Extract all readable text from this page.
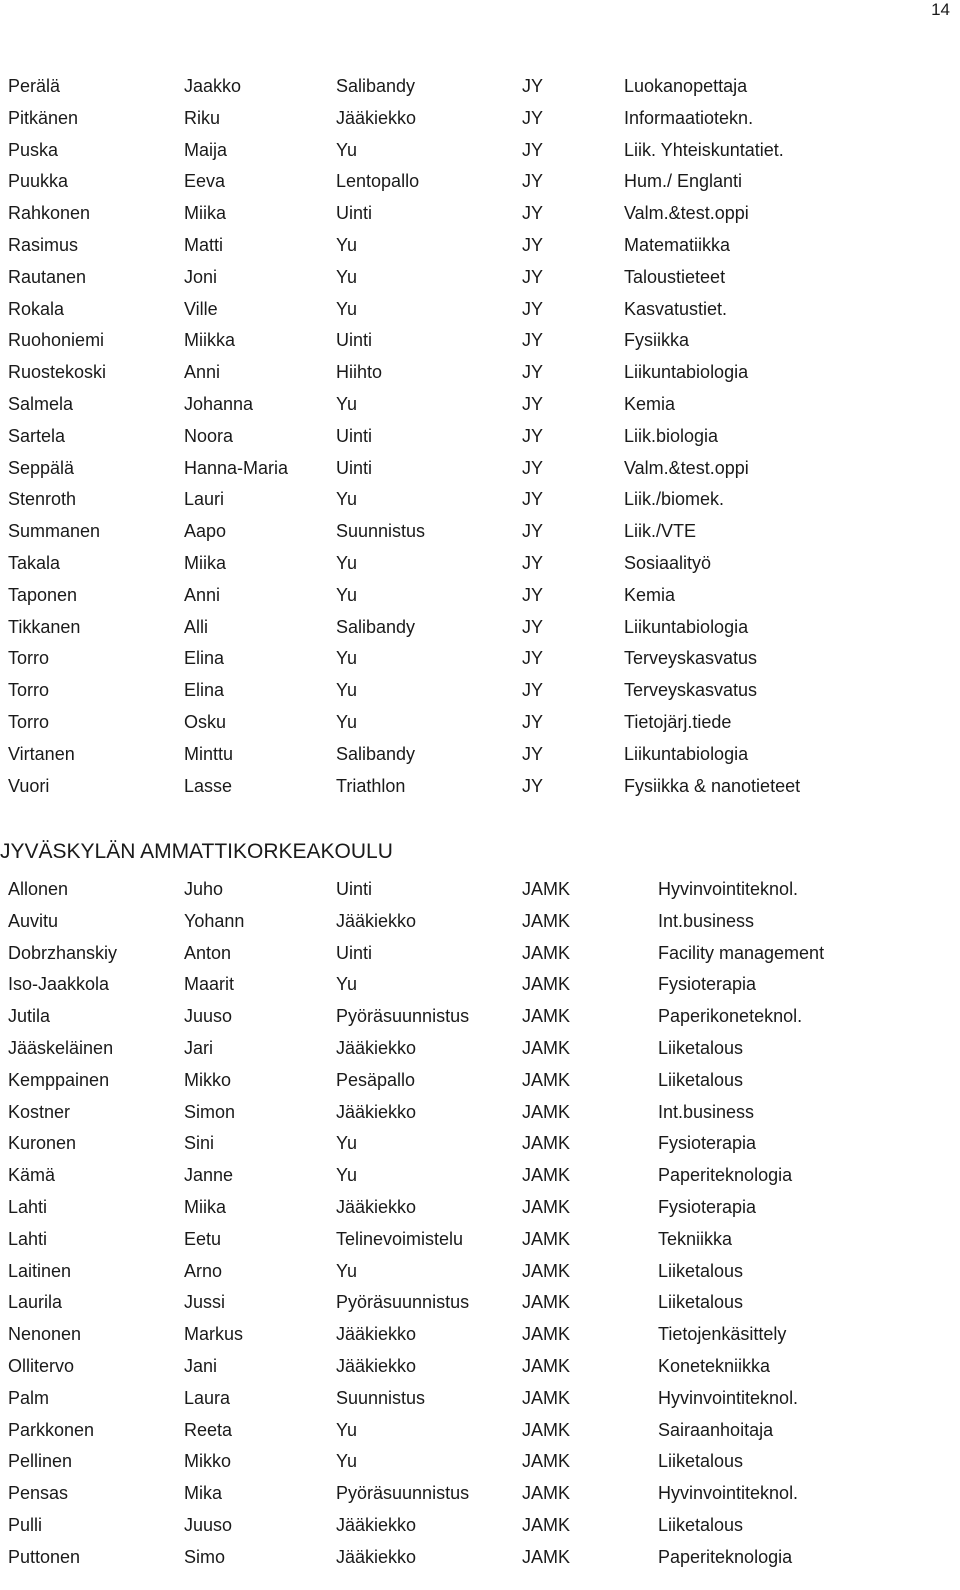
14
Perälä	Jaakko	Salibandy	JY	Luokanopettaja
Pitkänen	Riku	Jääkiekko	JY	Informaatiotekn.
Puska	Maija	Yu	JY	Liik. Yhteiskuntatiet.
Puukka	Eeva	Lentopallo	JY	Hum./ Englanti
Rahkonen	Miika	Uinti	JY	Valm.&test.oppi
Rasimus	Matti	Yu	JY	Matematiikka
Rautanen	Joni	Yu	JY	Taloustieteet
Rokala	Ville	Yu	JY	Kasvatustiet.
Ruohoniemi	Miikka	Uinti	JY	Fysiikka
Ruostekoski	Anni	Hiihto	JY	Liikuntabiologia
Salmela	Johanna	Yu	JY	Kemia
Sartela	Noora	Uinti	JY	Liik.biologia
Seppälä	Hanna-Maria	Uinti	JY	Valm.&test.oppi
Stenroth	Lauri	Yu	JY	Liik./biomek.
Summanen	Aapo	Suunnistus	JY	Liik./VTE
Takala	Miika	Yu	JY	Sosiaalityö
Taponen	Anni	Yu	JY	Kemia
Tikkanen	Alli	Salibandy	JY	Liikuntabiologia
Torro	Elina	Yu	JY	Terveyskasvatus
Torro	Elina	Yu	JY	Terveyskasvatus
Torro	Osku	Yu	JY	Tietojärj.tiede
Virtanen	Minttu	Salibandy	JY	Liikuntabiologia
Vuori	Lasse	Triathlon	JY	Fysiikka & nanotieteet
JYVÄSKYLÄN AMMATTIKORKEAKOULU
Allonen	Juho	Uinti	JAMK	Hyvinvointiteknol.
Auvitu	Yohann	Jääkiekko	JAMK	Int.business
Dobrzhanskiy	Anton	Uinti	JAMK	Facility management
Iso-Jaakkola	Maarit	Yu	JAMK	Fysioterapia
Jutila	Juuso	Pyöräsuunnistus	JAMK	Paperikoneteknol.
Jääskeläinen	Jari	Jääkiekko	JAMK	Liiketalous
Kemppainen	Mikko	Pesäpallo	JAMK	Liiketalous
Kostner	Simon	Jääkiekko	JAMK	Int.business
Kuronen	Sini	Yu	JAMK	Fysioterapia
Kämä	Janne	Yu	JAMK	Paperiteknologia
Lahti	Miika	Jääkiekko	JAMK	Fysioterapia
Lahti	Eetu	Telinevoimistelu	JAMK	Tekniikka
Laitinen	Arno	Yu	JAMK	Liiketalous
Laurila	Jussi	Pyöräsuunnistus	JAMK	Liiketalous
Nenonen	Markus	Jääkiekko	JAMK	Tietojenkäsittely
Ollitervo	Jani	Jääkiekko	JAMK	Konetekniikka
Palm	Laura	Suunnistus	JAMK	Hyvinvointiteknol.
Parkkonen	Reeta	Yu	JAMK	Sairaanhoitaja
Pellinen	Mikko	Yu	JAMK	Liiketalous
Pensas	Mika	Pyöräsuunnistus	JAMK	Hyvinvointiteknol.
Pulli	Juuso	Jääkiekko	JAMK	Liiketalous
Puttonen	Simo	Jääkiekko	JAMK	Paperiteknologia
